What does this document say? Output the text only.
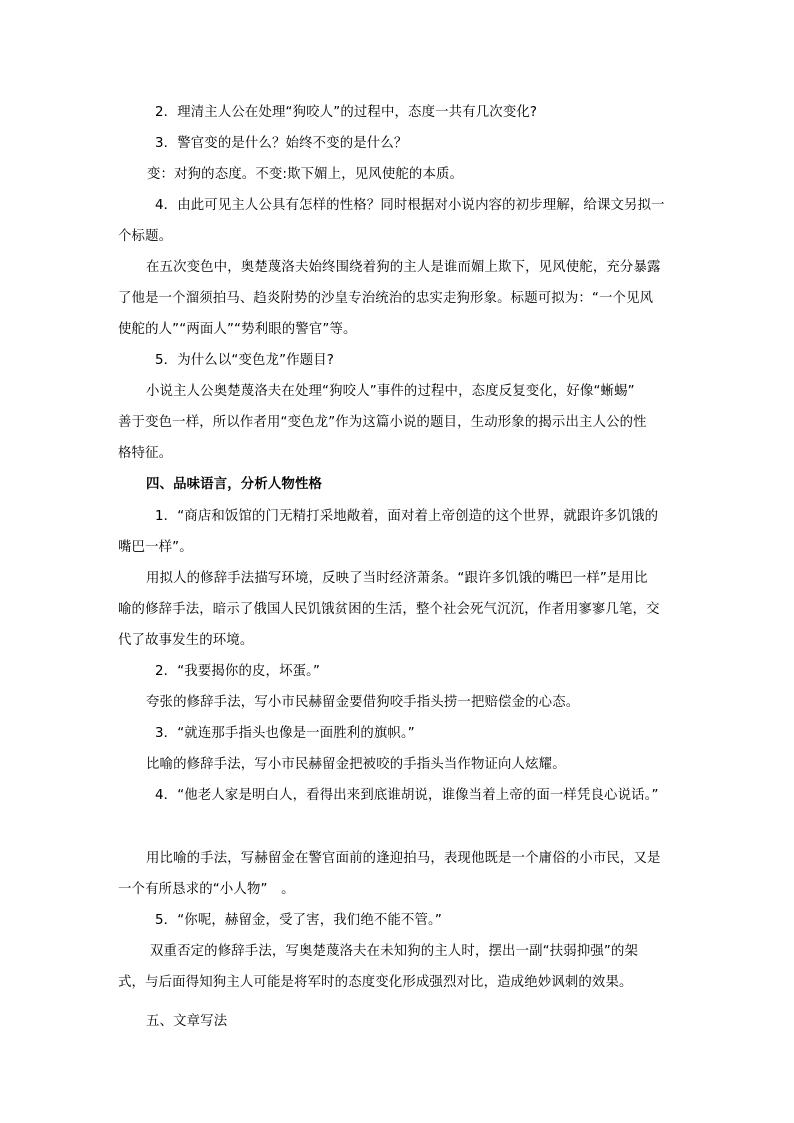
2．理清主人公在处理“狗咬人”的过程中，态度一共有几次变化?
3．警官变的是什么？始终不变的是什么？
变：对狗的态度。不变:欺下媚上，见风使舵的本质。
4．由此可见主人公具有怎样的性格？同时根据对小说内容的初步理解，给课文另拟一
个标题。
在五次变色中，奥楚蔑洛夫始终围绕着狗的主人是谁而媚上欺下，见风使舵，充分暴露
了他是一个溜须拍马、趋炎附势的沙皇专治统治的忠实走狗形象。标题可拟为：“一个见风
使舵的人”“两面人”“势利眼的警官”等。
5．为什么以“变色龙”作题目?
小说主人公奥楚蔑洛夫在处理“狗咬人”事件的过程中，态度反复变化，好像“蜥蜴”
善于变色一样，所以作者用“变色龙”作为这篇小说的题目，生动形象的揭示出主人公的性
格特征。
四、品味语言，分析人物性格
1．“商店和饭馆的门无精打采地敞着，面对着上帝创造的这个世界，就跟许多饥饿的
嘴巴一样”。
用拟人的修辞手法描写环境，反映了当时经济萧条。“跟许多饥饿的嘴巴一样”是用比
喻的修辞手法，暗示了俄国人民饥饿贫困的生活，整个社会死气沉沉，作者用寥寥几笔，交
代了故事发生的环境。
2．“我要揭你的皮，坏蛋。”
夸张的修辞手法，写小市民赫留金要借狗咬手指头捞一把赔偿金的心态。
3．“就连那手指头也像是一面胜利的旗帜。”
比喻的修辞手法，写小市民赫留金把被咬的手指头当作物证向人炫耀。
4．“他老人家是明白人，看得出来到底谁胡说，谁像当着上帝的面一样凭良心说话。”
用比喻的手法，写赫留金在警官面前的逢迎拍马，表现他既是一个庸俗的小市民，又是
一个有所恳求的“小人物”　。
5．“你呢，赫留金，受了害，我们绝不能不管。”
双重否定的修辞手法，写奥楚蔑洛夫在未知狗的主人时，摆出一副“扶弱抑强”的架
式，与后面得知狗主人可能是将军时的态度变化形成强烈对比，造成绝妙讽刺的效果。
五、文章写法
